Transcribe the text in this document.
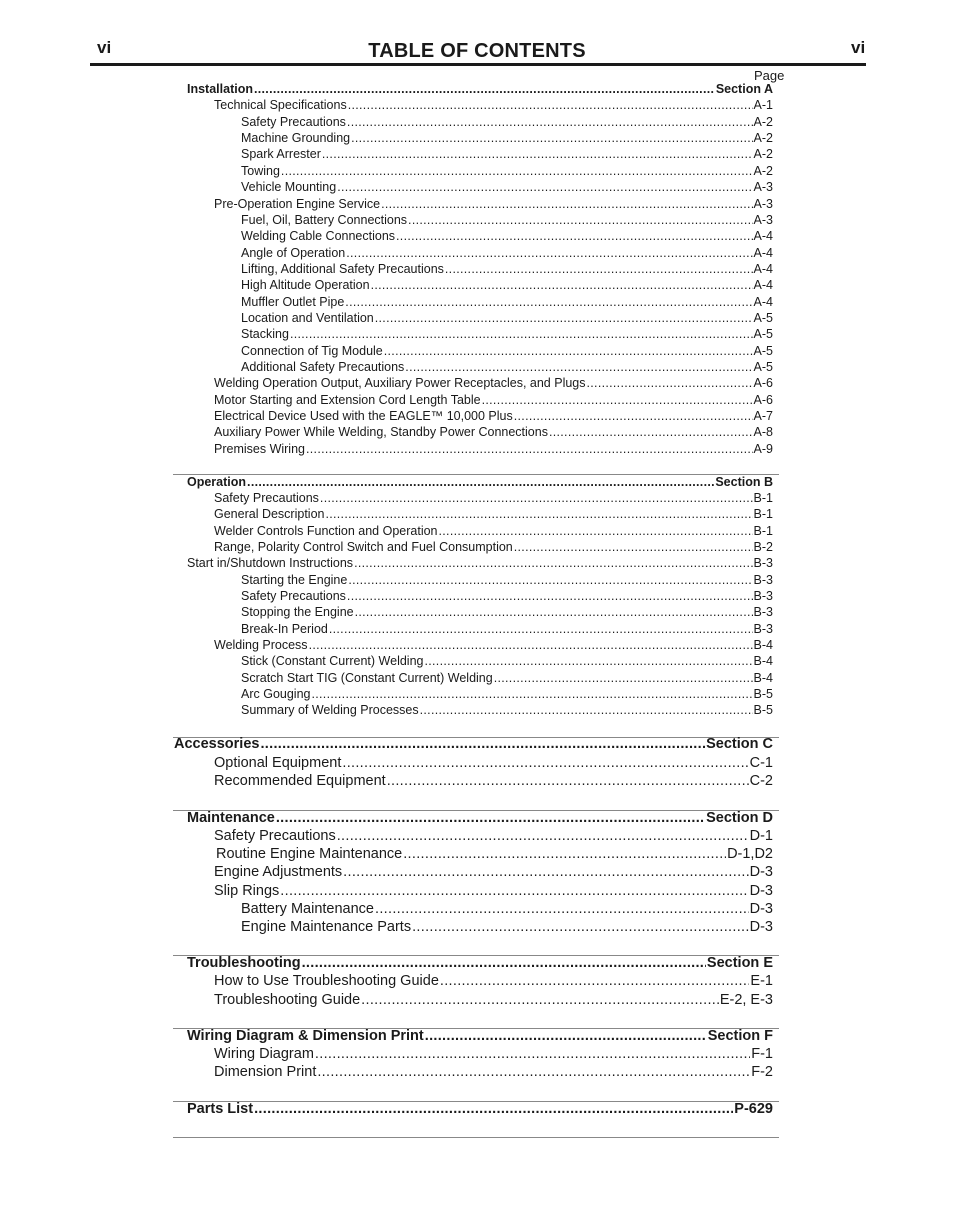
vi	TABLE OF CONTENTS	vi
Page
Installation .....	Section A
Technical Specifications .....	A-1
Safety Precautions .....	A-2
Machine Grounding .....	A-2
Spark Arrester .....	A-2
Towing .....	A-2
Vehicle Mounting .....	A-3
Pre-Operation Engine Service .....	A-3
Fuel, Oil, Battery Connections .....	A-3
Welding Cable Connections .....	A-4
Angle of Operation .....	A-4
Lifting, Additional Safety Precautions .....	A-4
High Altitude Operation .....	A-4
Muffler Outlet Pipe .....	A-4
Location and Ventilation .....	A-5
Stacking .....	A-5
Connection of Tig Module .....	A-5
Additional Safety Precautions .....	A-5
Welding Operation Output, Auxiliary Power Receptacles, and Plugs .....	A-6
Motor Starting and Extension Cord Length Table .....	A-6
Electrical Device Used with the EAGLE™ 10,000 Plus .....	A-7
Auxiliary Power While Welding, Standby Power Connections .....	A-8
Premises Wiring .....	A-9
Operation .....	Section B
Safety Precautions .....	B-1
General Description .....	B-1
Welder Controls Function and Operation .....	B-1
Range, Polarity Control Switch and Fuel Consumption .....	B-2
Start in/Shutdown Instructions .....	B-3
Starting the Engine .....	B-3
Safety Precautions .....	B-3
Stopping the Engine .....	B-3
Break-In Period .....	B-3
Welding Process .....	B-4
Stick (Constant Current) Welding .....	B-4
Scratch Start TIG (Constant Current) Welding .....	B-4
Arc Gouging .....	B-5
Summary of Welding Processes .....	B-5
Accessories .....	Section C
Optional Equipment .....	C-1
Recommended Equipment .....	C-2
Maintenance .....	Section D
Safety Precautions .....	D-1
Routine Engine Maintenance .....	D-1,D2
Engine Adjustments .....	D-3
Slip Rings .....	D-3
Battery Maintenance .....	D-3
Engine Maintenance Parts .....	D-3
Troubleshooting .....	Section E
How to Use Troubleshooting Guide .....	E-1
Troubleshooting Guide .....	E-2, E-3
Wiring Diagram & Dimension Print .....	Section F
Wiring Diagram .....	F-1
Dimension Print .....	F-2
Parts List .....	P-629
